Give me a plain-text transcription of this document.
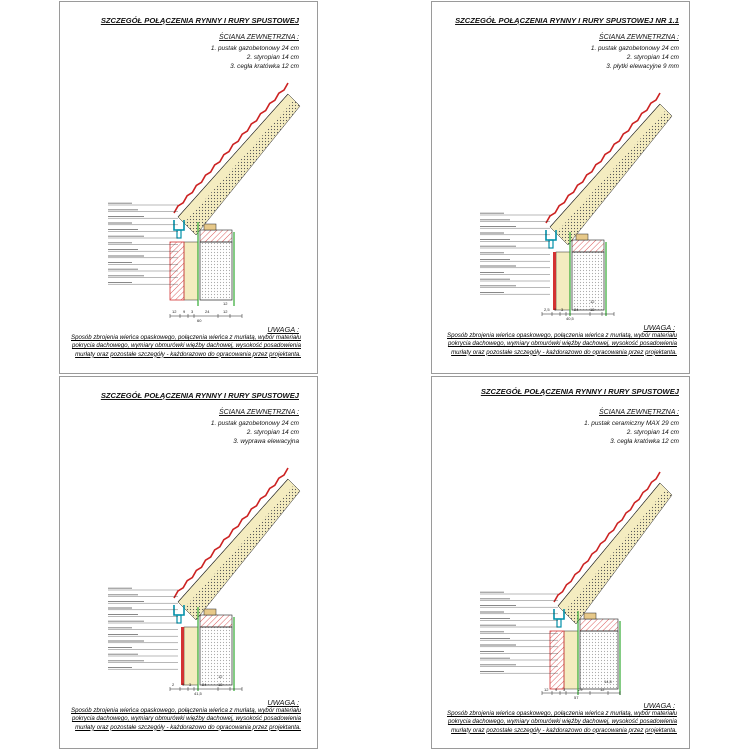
SZCZEGÓŁ POŁĄCZENIA RYNNY I RURY SPUSTOWEJ
ŚCIANA ZEWNĘTRZNA :
1. pustak gazobetonowy 24 cm
2. styropian 14 cm
3. cegła kratówka 12 cm
12 9 3	24
12
12
60
UWAGA :
Sposób zbrojenia wieńca opaskowego, połączenia wieńca z murłatą, wybór materiału pokrycia dachowego, wymiary obmurówki więźby dachowej, wysokość posadowienia murłaty oraz pozostałe szczegóły - każdorazowo do opracowania przez projektanta.
SZCZEGÓŁ POŁĄCZENIA RYNNY I RURY SPUSTOWEJ NR 1.1
ŚCIANA ZEWNĘTRZNA :
1. pustak gazobetonowy 24 cm
2. styropian 14 cm
3. płytki elewacyjne 9 mm
2,5 9 3	24
12
12
40,5
UWAGA :
Sposób zbrojenia wieńca opaskowego, połączenia wieńca z murłatą, wybór materiału pokrycia dachowego, wymiary obmurówki więźby dachowej, wysokość posadowienia murłaty oraz pozostałe szczegóły - każdorazowo do opracowania przez projektanta.
SZCZEGÓŁ POŁĄCZENIA RYNNY I RURY SPUSTOWEJ
ŚCIANA ZEWNĘTRZNA :
1. pustak gazobetonowy 24 cm
2. styropian 14 cm
3. wyprawa elewacyjna
2 9 3	24
12
12
41,5
UWAGA :
Sposób zbrojenia wieńca opaskowego, połączenia wieńca z murłatą, wybór materiału pokrycia dachowego, wymiary obmurówki więźby dachowej, wysokość posadowienia murłaty oraz pozostałe szczegóły - każdorazowo do opracowania przez projektanta.
SZCZEGÓŁ POŁĄCZENIA RYNNY I RURY SPUSTOWEJ
ŚCIANA ZEWNĘTRZNA :
1. pustak ceramiczny MAX 29 cm
2. styropian 14 cm
3. cegła kratówka 12 cm
12 9 3	29
14,5
12
57
UWAGA :
Sposób zbrojenia wieńca opaskowego, połączenia wieńca z murłatą, wybór materiału pokrycia dachowego, wymiary obmurówki więźby dachowej, wysokość posadowienia murłaty oraz pozostałe szczegóły - każdorazowo do opracowania przez projektanta.
